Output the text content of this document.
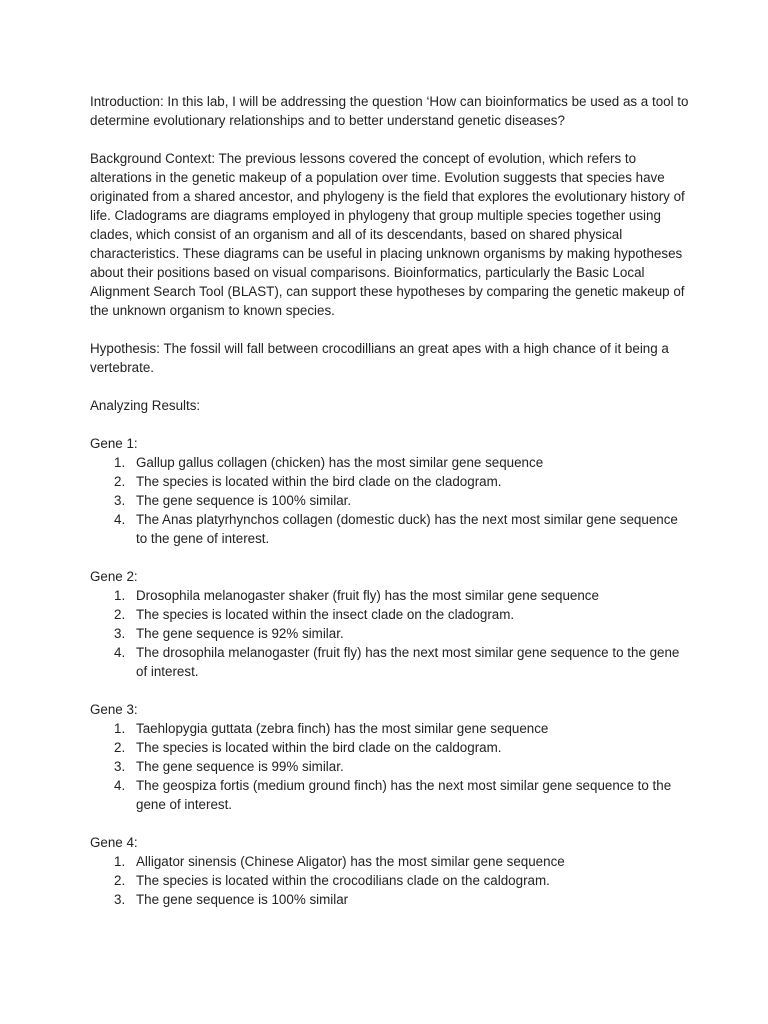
Introduction: In this lab, I will be addressing the question ‘How can bioinformatics be used as a tool to determine evolutionary relationships and to better understand genetic diseases?

Background Context: The previous lessons covered the concept of evolution, which refers to alterations in the genetic makeup of a population over time. Evolution suggests that species have originated from a shared ancestor, and phylogeny is the field that explores the evolutionary history of life. Cladograms are diagrams employed in phylogeny that group multiple species together using clades, which consist of an organism and all of its descendants, based on shared physical characteristics. These diagrams can be useful in placing unknown organisms by making hypotheses about their positions based on visual comparisons. Bioinformatics, particularly the Basic Local Alignment Search Tool (BLAST), can support these hypotheses by comparing the genetic makeup of the unknown organism to known species.

Hypothesis: The fossil will fall between crocodillians an great apes with a high chance of it being a vertebrate.

Analyzing Results:

Gene 1:

1. Gallup gallus collagen (chicken) has the most similar gene sequence
2. The species is located within the bird clade on the cladogram.
3. The gene sequence is 100% similar.
4. The Anas platyrhynchos collagen (domestic duck) has the next most similar gene sequence to the gene of interest.

Gene 2:

1. Drosophila melanogaster shaker (fruit fly) has the most similar gene sequence
2. The species is located within the insect clade on the cladogram.
3. The gene sequence is 92% similar.
4. The drosophila melanogaster (fruit fly) has the next most similar gene sequence to the gene of interest.

Gene 3:

1. Taehlopygia guttata (zebra finch) has the most similar gene sequence
2. The species is located within the bird clade on the caldogram.
3. The gene sequence is 99% similar.
4. The geospiza fortis (medium ground finch) has the next most similar gene sequence to the gene of interest.

Gene 4:

1. Alligator sinensis (Chinese Aligator) has the most similar gene sequence
2. The species is located within the crocodilians clade on the caldogram.
3. The gene sequence is 100% similar
